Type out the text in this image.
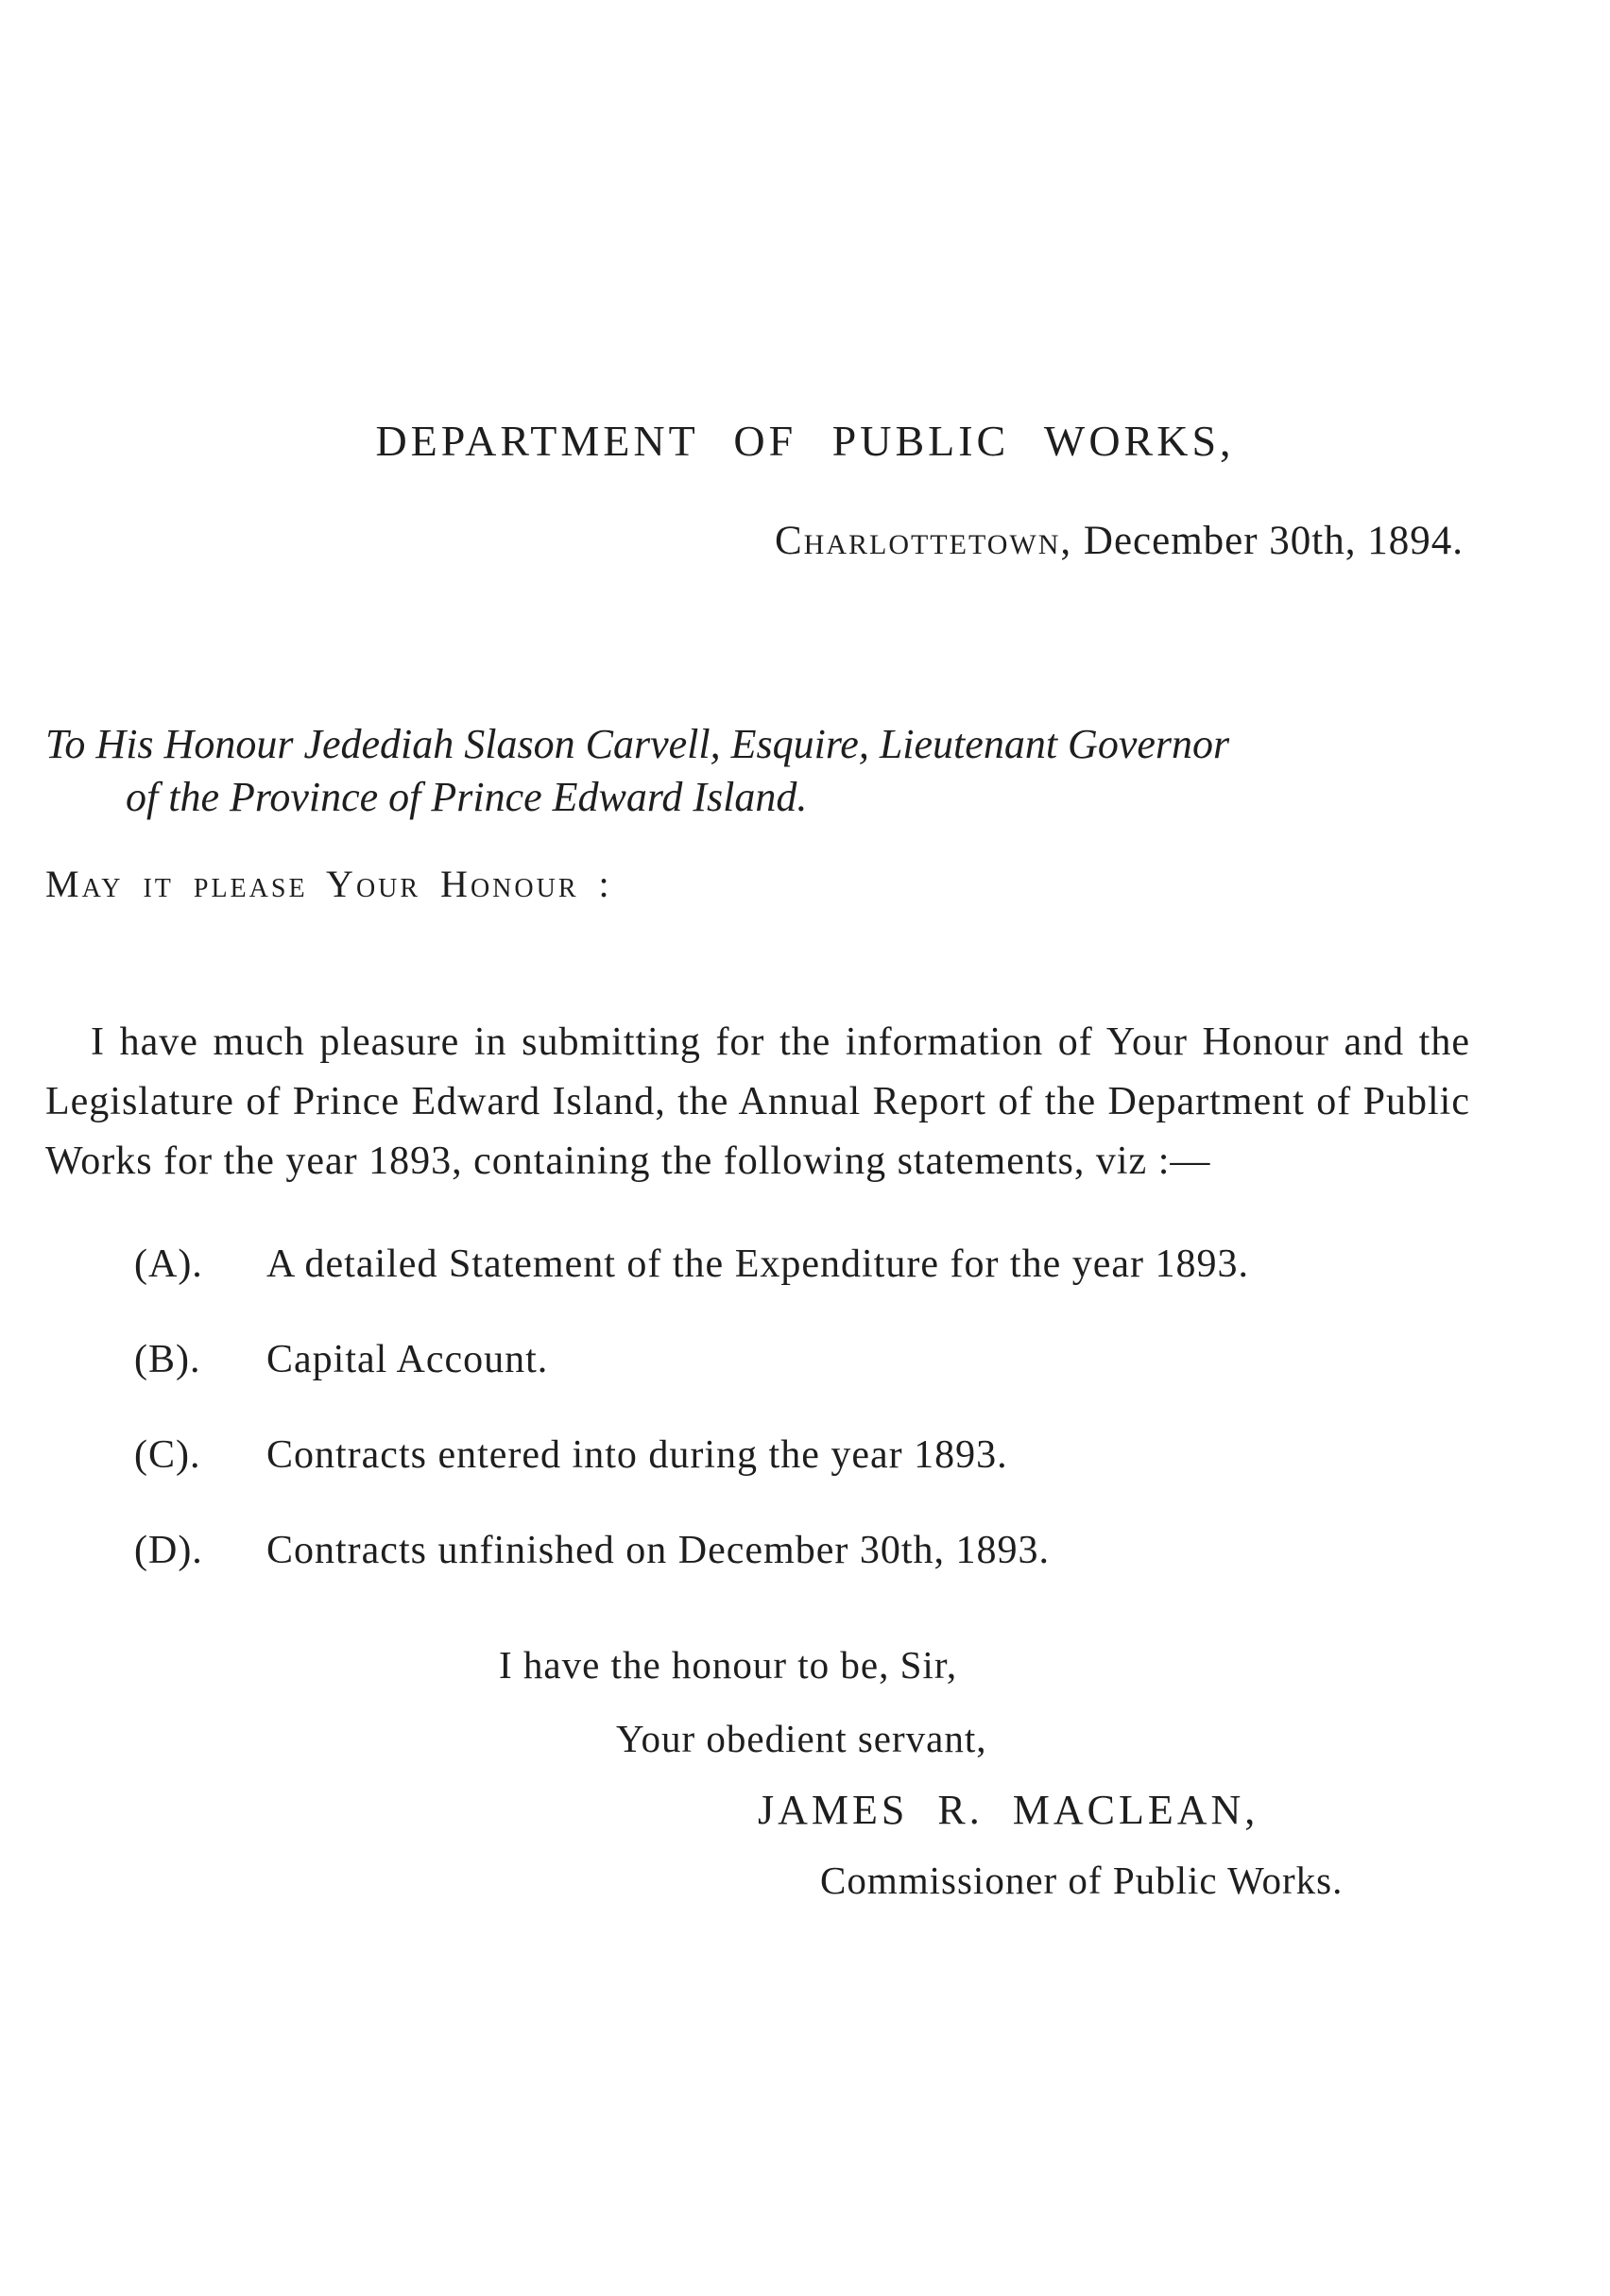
DEPARTMENT OF PUBLIC WORKS,
Charlottetown, December 30th, 1894.
To His Honour Jedediah Slason Carvell, Esquire, Lieutenant Governor
of the Province of Prince Edward Island.
May it please Your Honour :

I have much pleasure in submitting for the information of Your Honour and the Legislature of Prince Edward Island, the Annual Report of the Department of Public Works for the year 1893, containing the following statements, viz :—

(A).	A detailed Statement of the Expenditure for the year 1893.
(B).	Capital Account.
(C).	Contracts entered into during the year 1893.
(D).	Contracts unfinished on December 30th, 1893.
I have the honour to be, Sir,
Your obedient servant,
JAMES R. MACLEAN,
Commissioner of Public Works.
